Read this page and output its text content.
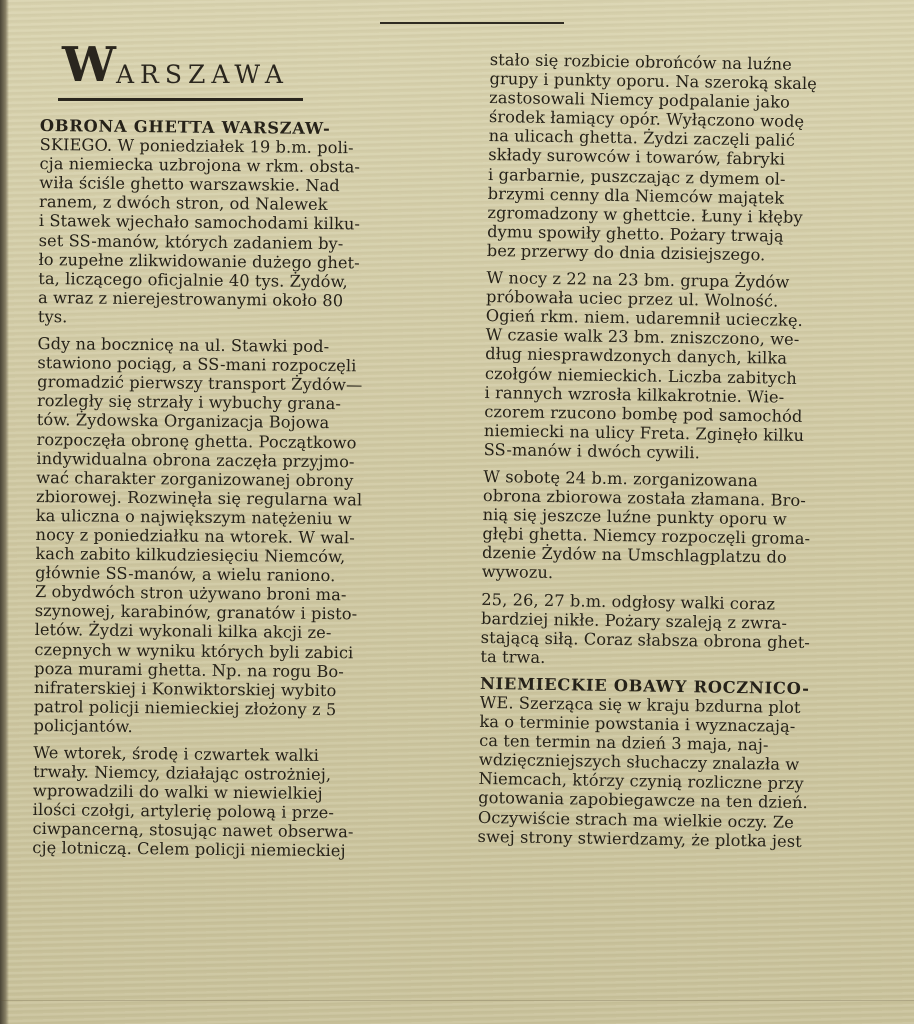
W ARSZAWA
OBRONA GHETTA WARSZAW-
SKIEGO. W poniedziałek 19 b.m. poli-
cja niemiecka uzbrojona w rkm. obsta-
wiła ściśle ghetto warszawskie. Nad
ranem, z dwóch stron, od Nalewek
i Stawek wjechało samochodami kilku-
set SS-manów, których zadaniem by-
ło zupełne zlikwidowanie dużego ghet-
ta, liczącego oficjalnie 40 tys. Żydów,
a wraz z nierejestrowanymi około 80
tys.
Gdy na bocznicę na ul. Stawki pod-
stawiono pociąg, a SS-mani rozpoczęli
gromadzić pierwszy transport Żydów—
rozległy się strzały i wybuchy grana-
tów. Żydowska Organizacja Bojowa
rozpoczęła obronę ghetta. Początkowo
indywidualna obrona zaczęła przyjmo-
wać charakter zorganizowanej obrony
zbiorowej. Rozwinęła się regularna wal
ka uliczna o największym natężeniu w
nocy z poniedziałku na wtorek. W wal-
kach zabito kilkudziesięciu Niemców,
głównie SS-manów, a wielu raniono.
Z obydwóch stron używano broni ma-
szynowej, karabinów, granatów i pisto-
letów. Żydzi wykonali kilka akcji ze-
czepnych w wyniku których byli zabici
poza murami ghetta. Np. na rogu Bo-
nifraterskiej i Konwiktorskiej wybito
patrol policji niemieckiej złożony z 5
policjantów.
We wtorek, środę i czwartek walki
trwały. Niemcy, działając ostrożniej,
wprowadzili do walki w niewielkiej
ilości czołgi, artylerię polową i prze-
ciwpancerną, stosując nawet obserwa-
cję lotniczą. Celem policji niemieckiej
stało się rozbicie obrońców na luźne
grupy i punkty oporu. Na szeroką skalę
zastosowali Niemcy podpalanie jako
środek łamiący opór. Wyłączono wodę
na ulicach ghetta. Żydzi zaczęli palić
składy surowców i towarów, fabryki
i garbarnie, puszczając z dymem ol-
brzymi cenny dla Niemców majątek
zgromadzony w ghettcie. Łuny i kłęby
dymu spowiły ghetto. Pożary trwają
bez przerwy do dnia dzisiejszego.
W nocy z 22 na 23 bm. grupa Żydów
próbowała uciec przez ul. Wolność.
Ogień rkm. niem. udaremnił ucieczkę.
W czasie walk 23 bm. zniszczono, we-
dług niesprawdzonych danych, kilka
czołgów niemieckich. Liczba zabitych
i rannych wzrosła kilkakrotnie. Wie-
czorem rzucono bombę pod samochód
niemiecki na ulicy Freta. Zginęło kilku
SS-manów i dwóch cywili.
W sobotę 24 b.m. zorganizowana
obrona zbiorowa została złamana. Bro-
nią się jeszcze luźne punkty oporu w
głębi ghetta. Niemcy rozpoczęli groma-
dzenie Żydów na Umschlagplatzu do
wywozu.
25, 26, 27 b.m. odgłosy walki coraz
bardziej nikłe. Pożary szaleją z zwra-
stającą siłą. Coraz słabsza obrona ghet-
ta trwa.
NIEMIECKIE OBAWY ROCZNICO-
WE. Szerząca się w kraju bzdurna plot
ka o terminie powstania i wyznaczają-
ca ten termin na dzień 3 maja, naj-
wdzięczniejszych słuchaczy znalazła w
Niemcach, którzy czynią rozliczne przy
gotowania zapobiegawcze na ten dzień.
Oczywiście strach ma wielkie oczy. Ze
swej strony stwierdzamy, że plotka jest
